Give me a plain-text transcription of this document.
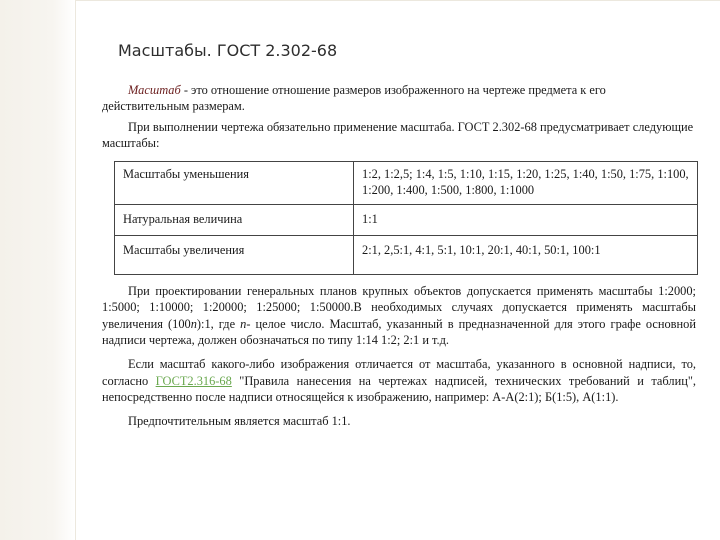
Масштабы. ГОСТ 2.302-68

Масштаб - это отношение отношение размеров изображенного на чертеже предмета к его действительным размерам.

При выполнении чертежа обязательно применение масштаба. ГОСТ 2.302-68 предусматривает следующие масштабы:

Масштабы уменьшения	1:2, 1:2,5; 1:4, 1:5, 1:10, 1:15, 1:20, 1:25, 1:40, 1:50, 1:75, 1:100, 1:200, 1:400, 1:500, 1:800, 1:1000
Натуральная величина	1:1
Масштабы увеличения	2:1, 2,5:1, 4:1, 5:1, 10:1, 20:1, 40:1, 50:1, 100:1

При проектировании генеральных планов крупных объектов допускается применять масштабы 1:2000; 1:5000; 1:10000; 1:20000; 1:25000; 1:50000.В необходимых случаях допускается применять масштабы увеличения (100n):1, где n- целое число. Масштаб, указанный в предназначенной для этого графе основной надписи чертежа, должен обозначаться по типу 1:14 1:2; 2:1 и т.д.

Если масштаб какого-либо изображения отличается от масштаба, указанного в основной надписи, то, согласно ГОСТ2.316-68 "Правила нанесения на чертежах надписей, технических требований и таблиц", непосредственно после надписи относящейся к изображению, например: А-А(2:1); Б(1:5), А(1:1).

Предпочтительным является масштаб 1:1.
